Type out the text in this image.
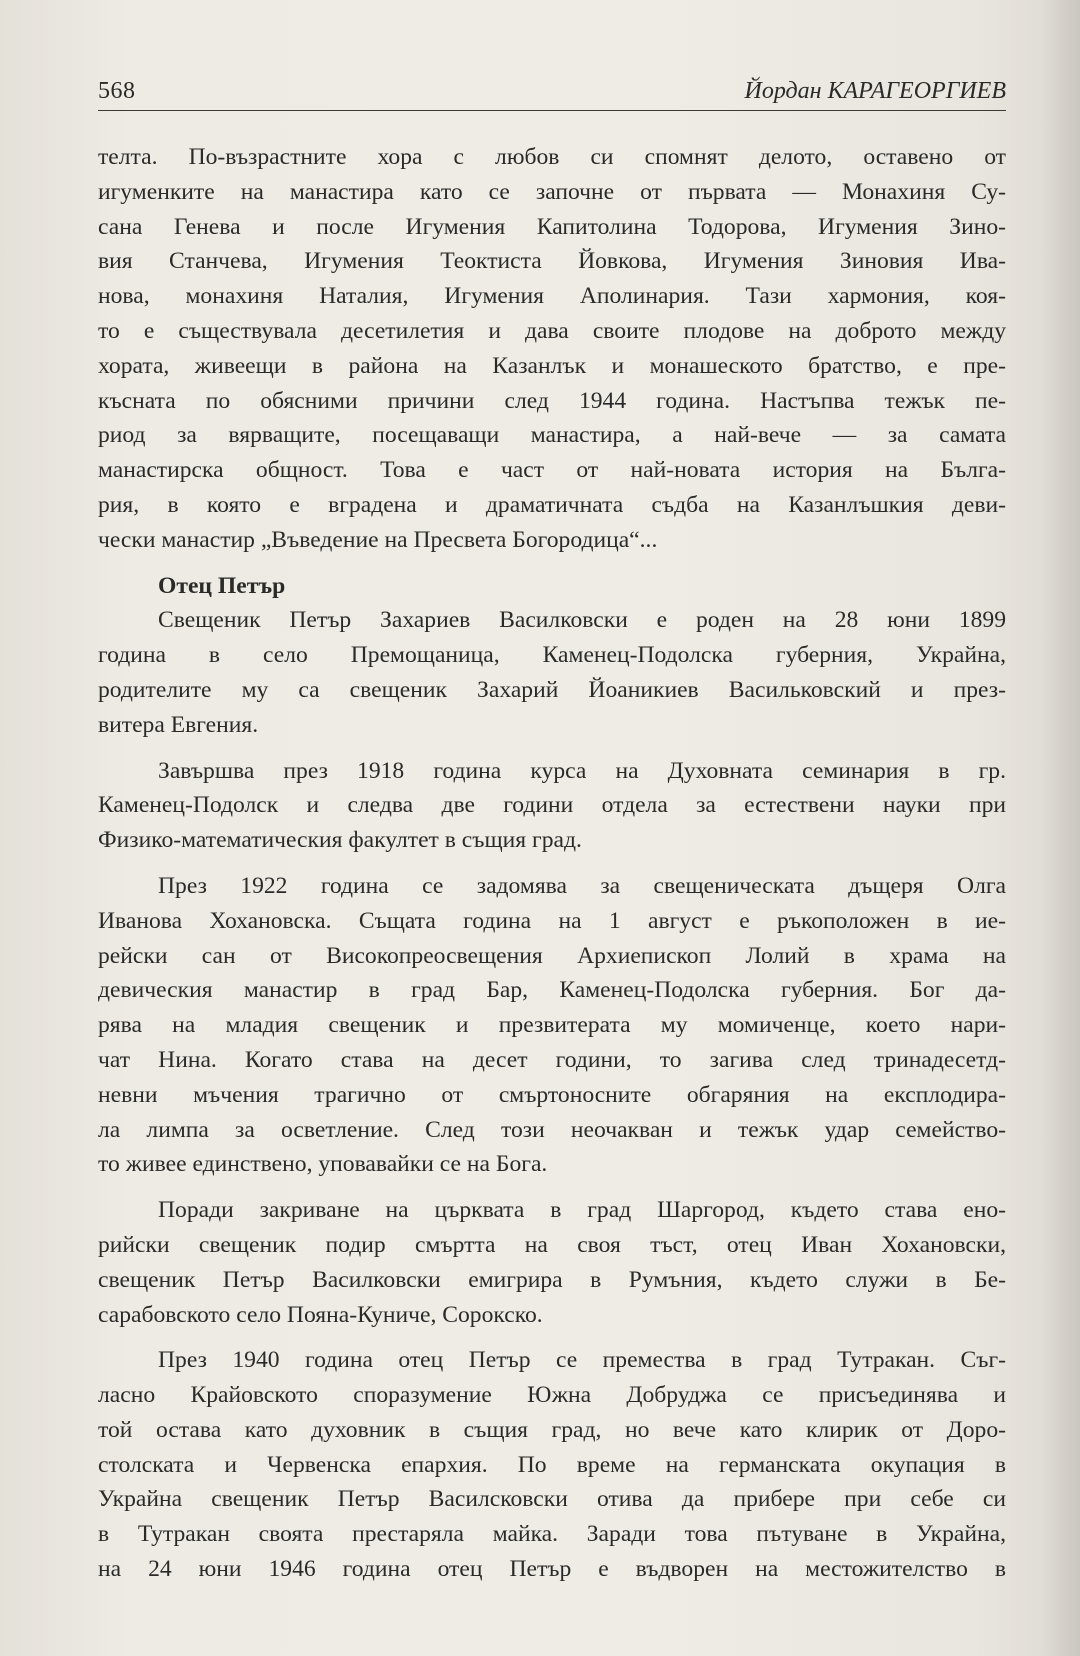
568	Йордан КАРАГЕОРГИЕВ
телта. По-възрастните хора с любов си спомнят делото, оставено от
игуменките на манастира като се започне от първата — Монахиня Су-
сана Генева и после Игумения Капитолина Тодорова, Игумения Зино-
вия Станчева, Игумения Теоктиста Йовкова, Игумения Зиновия Ива-
нова, монахиня Наталия, Игумения Аполинария. Тази хармония, коя-
то е съществувала десетилетия и дава своите плодове на доброто между
хората, живеещи в района на Казанлък и монашеското братство, е пре-
късната по обясними причини след 1944 година. Настъпва тежък пе-
риод за вярващите, посещаващи манастира, а най-вече — за самата
манастирска общност. Това е част от най-новата история на Бълга-
рия, в която е вградена и драматичната съдба на Казанлъшкия деви-
чески манастир „Въведение на Пресвета Богородица“...
Отец Петър
Свещеник Петър Захариев Василковски е роден на 28 юни 1899
година в село Премощаница, Каменец-Подолска губерния, Украйна,
родителите му са свещеник Захарий Йоаникиев Васильковский и през-
витера Евгения.
Завършва през 1918 година курса на Духовната семинария в гр.
Каменец-Подолск и следва две години отдела за естествени науки при
Физико-математическия факултет в същия град.
През 1922 година се задомява за свещеническата дъщеря Олга
Иванова Хохановска. Същата година на 1 август е ръкоположен в ие-
рейски сан от Високопреосвещения Архиепископ Лолий в храма на
девическия манастир в град Бар, Каменец-Подолска губерния. Бог да-
рява на младия свещеник и презвитерата му момиченце, което нари-
чат Нина. Когато става на десет години, то загива след тринадесетд-
невни мъчения трагично от смъртоносните обгаряния на експлодира-
ла лимпа за осветление. След този неочакван и тежък удар семейство-
то живее единствено, уповавайки се на Бога.
Поради закриване на църквата в град Шаргород, където става ено-
рийски свещеник подир смъртта на своя тъст, отец Иван Хохановски,
свещеник Петър Василковски емигрира в Румъния, където служи в Бе-
сарабовското село Пояна-Куниче, Сорокско.
През 1940 година отец Петър се премества в град Тутракан. Съг-
ласно Крайовското споразумение Южна Добруджа се присъединява и
той остава като духовник в същия град, но вече като клирик от Доро-
столската и Червенска епархия. По време на германската окупация в
Украйна свещеник Петър Василсковски отива да прибере при себе си
в Тутракан своята престаряла майка. Заради това пътуване в Украйна,
на 24 юни 1946 година отец Петър е въдворен на местожителство в
